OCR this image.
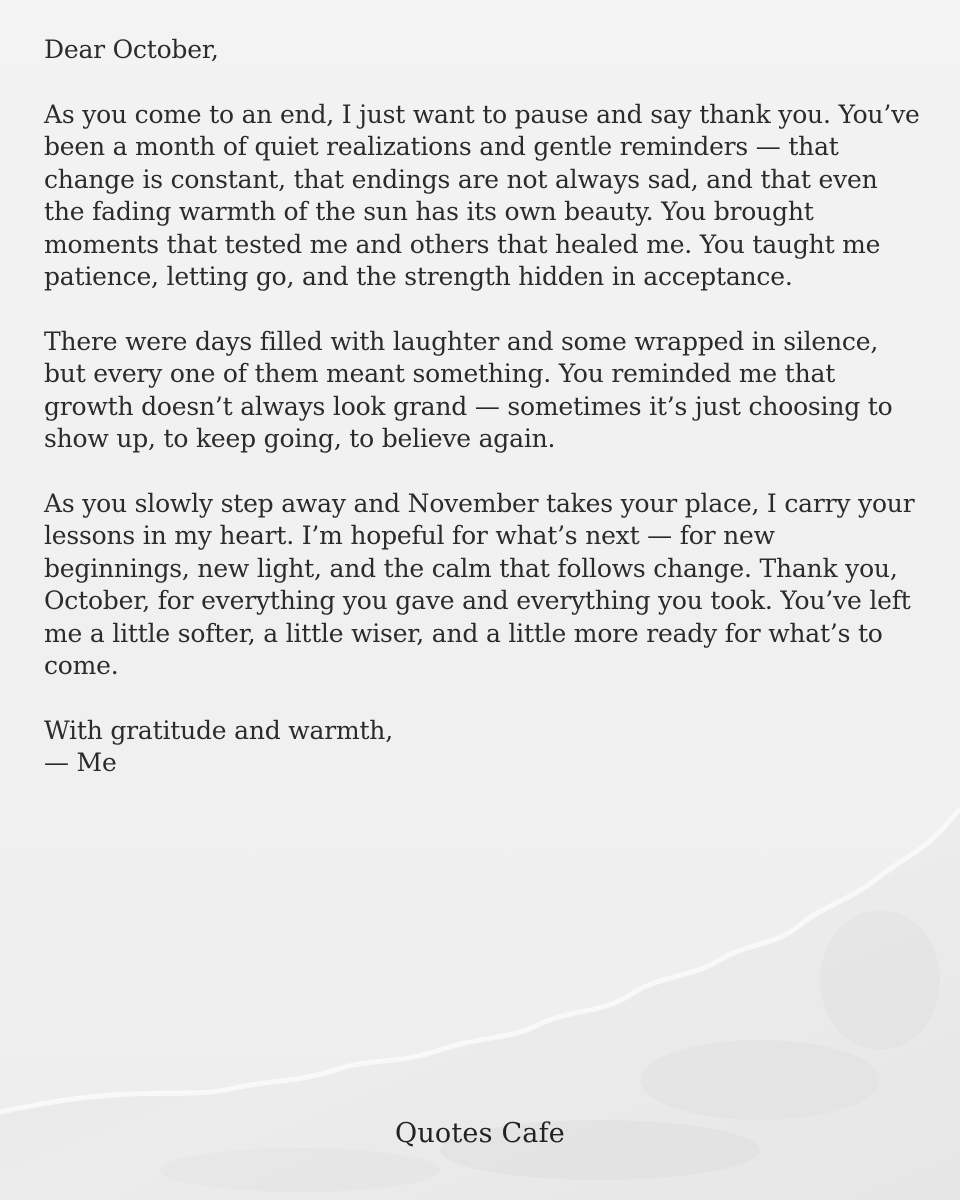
Dear October,

As you come to an end, I just want to pause and say thank you. You’ve been a month of quiet realizations and gentle reminders — that change is constant, that endings are not always sad, and that even the fading warmth of the sun has its own beauty. You brought moments that tested me and others that healed me. You taught me patience, letting go, and the strength hidden in acceptance.

There were days filled with laughter and some wrapped in silence, but every one of them meant something. You reminded me that growth doesn’t always look grand — sometimes it’s just choosing to show up, to keep going, to believe again.

As you slowly step away and November takes your place, I carry your lessons in my heart. I’m hopeful for what’s next — for new beginnings, new light, and the calm that follows change. Thank you, October, for everything you gave and everything you took. You’ve left me a little softer, a little wiser, and a little more ready for what’s to come.

With gratitude and warmth,

— Me

Quotes Cafe
